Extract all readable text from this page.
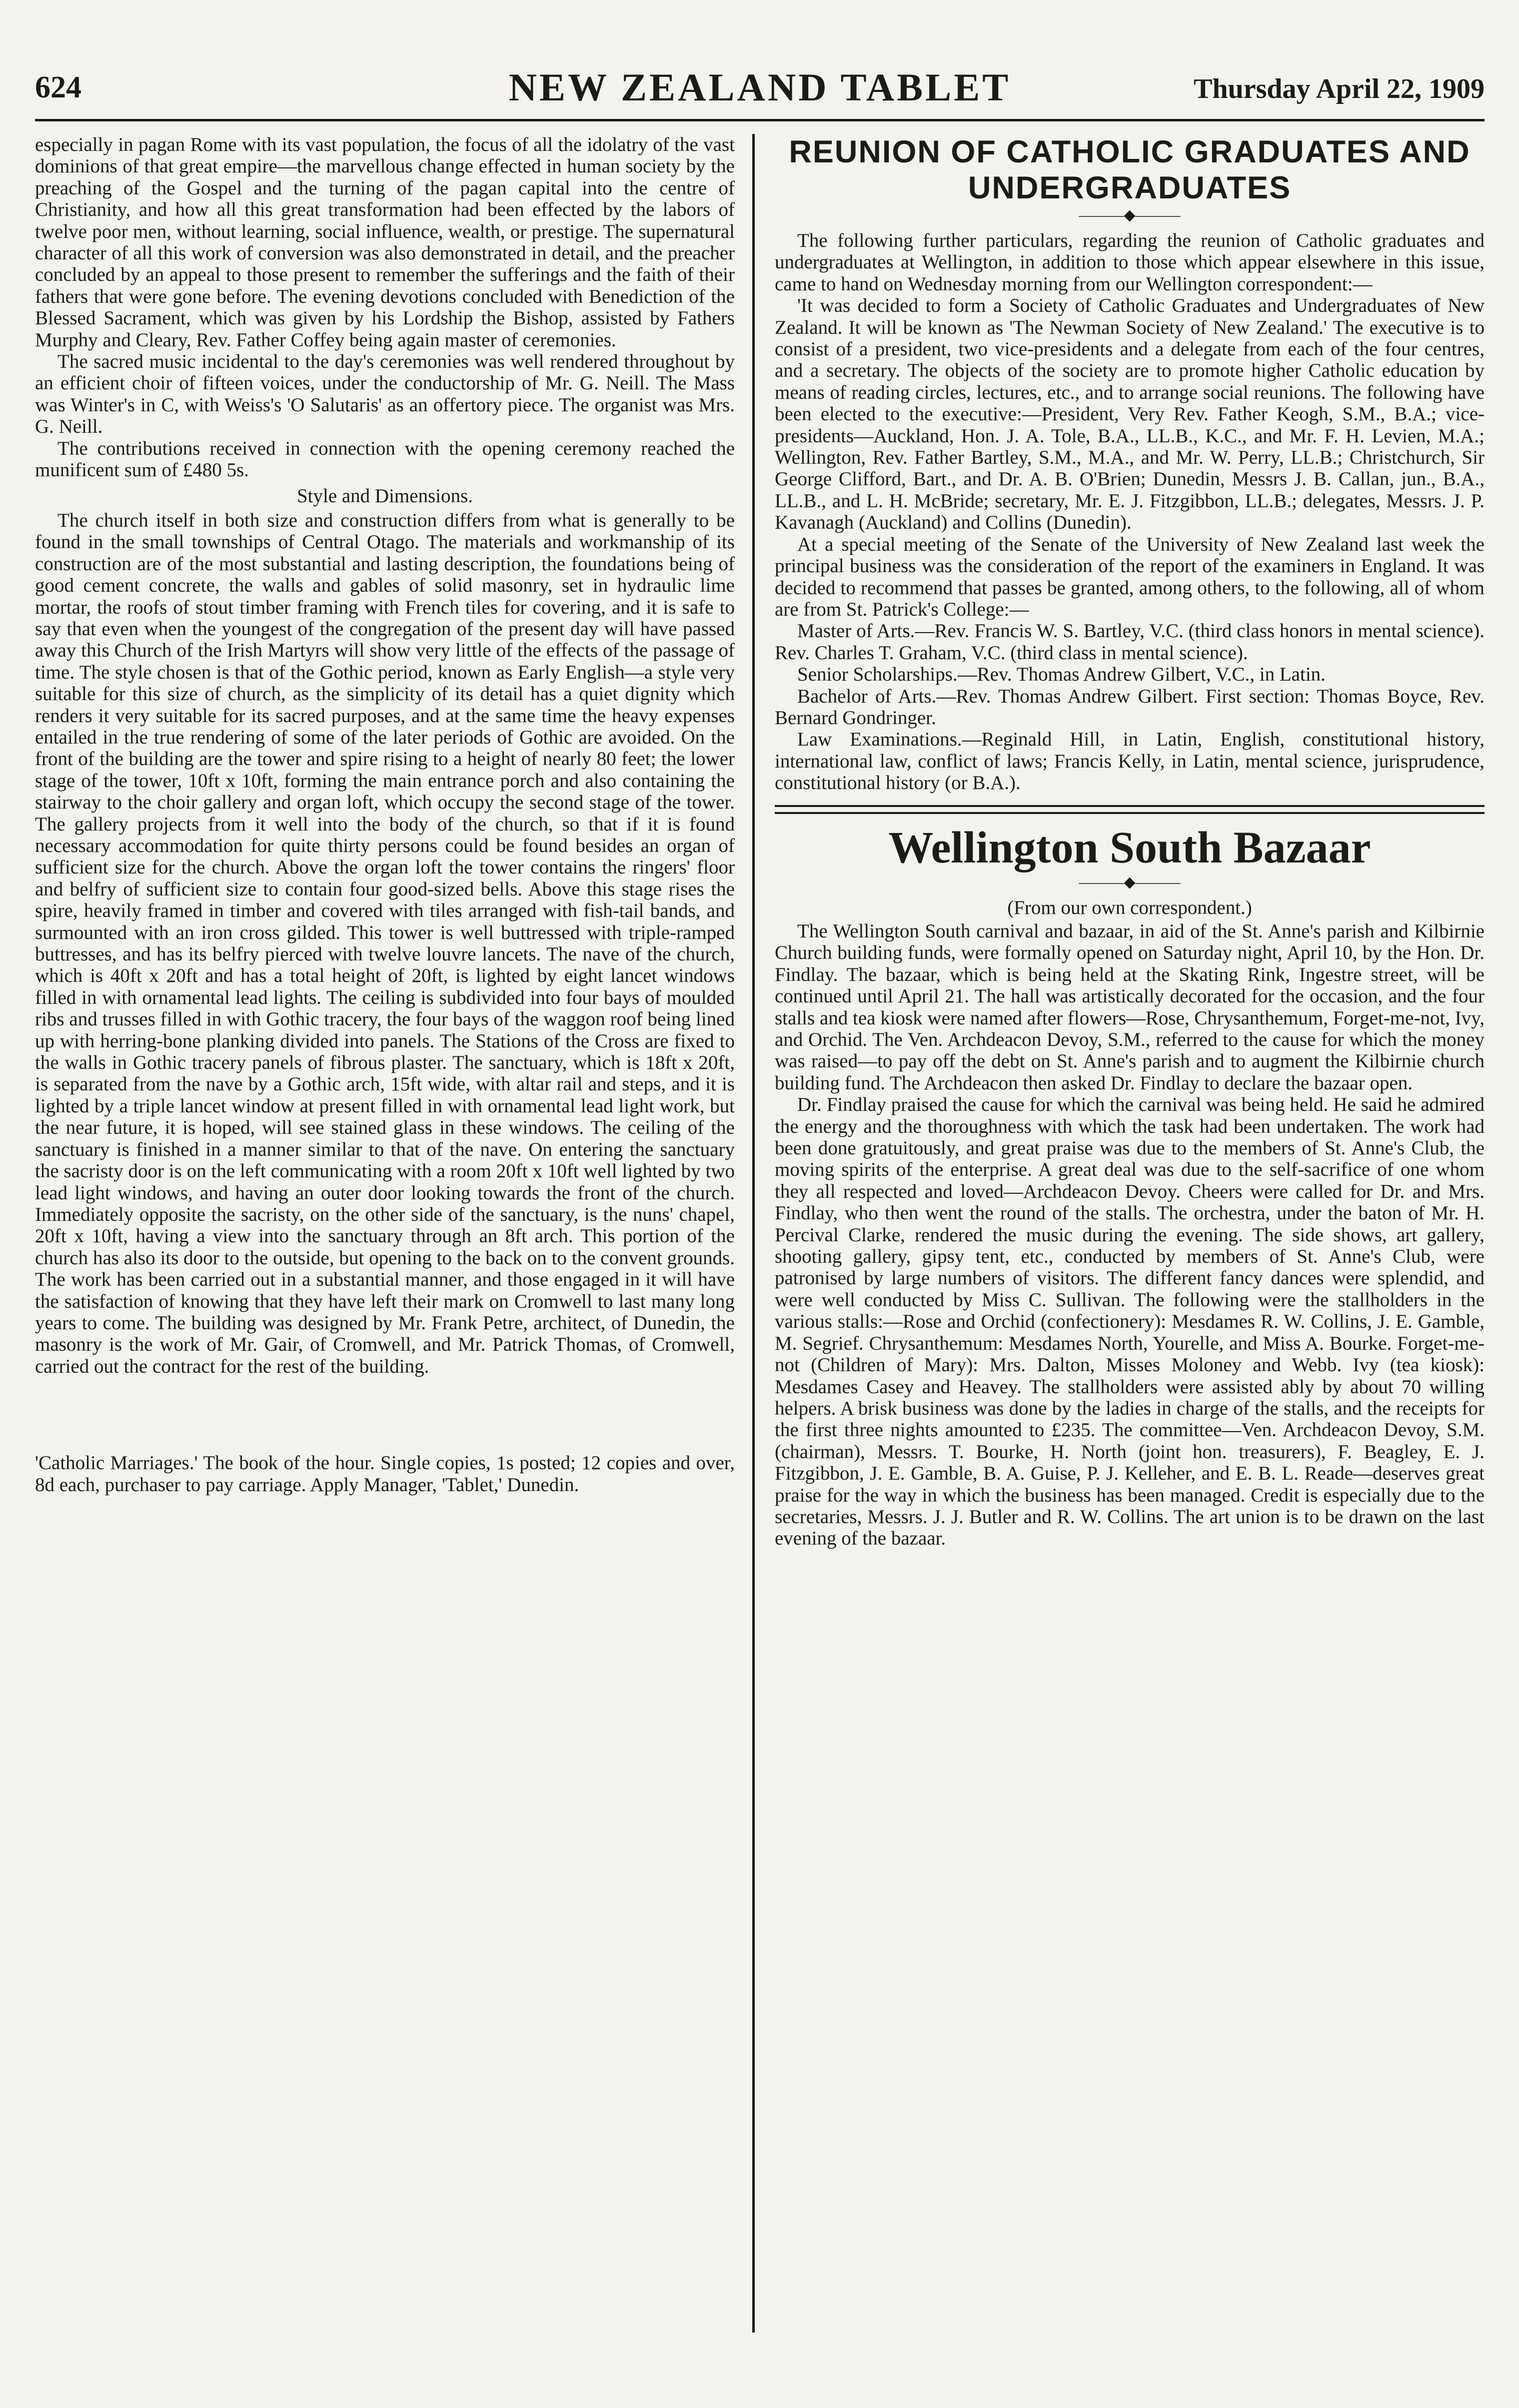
624	NEW ZEALAND TABLET	Thursday April 22, 1909

especially in pagan Rome with its vast population, the focus of all the idolatry of the vast dominions of that great empire—the marvellous change effected in human society by the preaching of the Gospel and the turning of the pagan capital into the centre of Christianity, and how all this great transformation had been effected by the labors of twelve poor men, without learning, social influence, wealth, or prestige. The supernatural character of all this work of conversion was also demonstrated in detail, and the preacher concluded by an appeal to those present to remember the sufferings and the faith of their fathers that were gone before. The evening devotions concluded with Benediction of the Blessed Sacrament, which was given by his Lordship the Bishop, assisted by Fathers Murphy and Cleary, Rev. Father Coffey being again master of ceremonies.

The sacred music incidental to the day's ceremonies was well rendered throughout by an efficient choir of fifteen voices, under the conductorship of Mr. G. Neill. The Mass was Winter's in C, with Weiss's 'O Salutaris' as an offertory piece. The organist was Mrs. G. Neill.

The contributions received in connection with the opening ceremony reached the munificent sum of £480 5s.

Style and Dimensions.

The church itself in both size and construction differs from what is generally to be found in the small townships of Central Otago. The materials and workmanship of its construction are of the most substantial and lasting description, the foundations being of good cement concrete, the walls and gables of solid masonry, set in hydraulic lime mortar, the roofs of stout timber framing with French tiles for covering, and it is safe to say that even when the youngest of the congregation of the present day will have passed away this Church of the Irish Martyrs will show very little of the effects of the passage of time. The style chosen is that of the Gothic period, known as Early English—a style very suitable for this size of church, as the simplicity of its detail has a quiet dignity which renders it very suitable for its sacred purposes, and at the same time the heavy expenses entailed in the true rendering of some of the later periods of Gothic are avoided. On the front of the building are the tower and spire rising to a height of nearly 80 feet; the lower stage of the tower, 10ft x 10ft, forming the main entrance porch and also containing the stairway to the choir gallery and organ loft, which occupy the second stage of the tower. The gallery projects from it well into the body of the church, so that if it is found necessary accommodation for quite thirty persons could be found besides an organ of sufficient size for the church. Above the organ loft the tower contains the ringers' floor and belfry of sufficient size to contain four good-sized bells. Above this stage rises the spire, heavily framed in timber and covered with tiles arranged with fish-tail bands, and surmounted with an iron cross gilded. This tower is well buttressed with triple-ramped buttresses, and has its belfry pierced with twelve louvre lancets. The nave of the church, which is 40ft x 20ft and has a total height of 20ft, is lighted by eight lancet windows filled in with ornamental lead lights. The ceiling is subdivided into four bays of moulded ribs and trusses filled in with Gothic tracery, the four bays of the waggon roof being lined up with herring-bone planking divided into panels. The Stations of the Cross are fixed to the walls in Gothic tracery panels of fibrous plaster. The sanctuary, which is 18ft x 20ft, is separated from the nave by a Gothic arch, 15ft wide, with altar rail and steps, and it is lighted by a triple lancet window at present filled in with ornamental lead light work, but the near future, it is hoped, will see stained glass in these windows. The ceiling of the sanctuary is finished in a manner similar to that of the nave. On entering the sanctuary the sacristy door is on the left communicating with a room 20ft x 10ft well lighted by two lead light windows, and having an outer door looking towards the front of the church. Immediately opposite the sacristy, on the other side of the sanctuary, is the nuns' chapel, 20ft x 10ft, having a view into the sanctuary through an 8ft arch. This portion of the church has also its door to the outside, but opening to the back on to the convent grounds. The work has been carried out in a substantial manner, and those engaged in it will have the satisfaction of knowing that they have left their mark on Cromwell to last many long years to come. The building was designed by Mr. Frank Petre, architect, of Dunedin, the masonry is the work of Mr. Gair, of Cromwell, and Mr. Patrick Thomas, of Cromwell, carried out the contract for the rest of the building.

'Catholic Marriages.' The book of the hour. Single copies, 1s posted; 12 copies and over, 8d each, purchaser to pay carriage. Apply Manager, 'Tablet,' Dunedin.

REUNION OF CATHOLIC GRADUATES AND UNDERGRADUATES
———◆———

The following further particulars, regarding the reunion of Catholic graduates and undergraduates at Wellington, in addition to those which appear elsewhere in this issue, came to hand on Wednesday morning from our Wellington correspondent:—

'It was decided to form a Society of Catholic Graduates and Undergraduates of New Zealand. It will be known as 'The Newman Society of New Zealand.' The executive is to consist of a president, two vice-presidents and a delegate from each of the four centres, and a secretary. The objects of the society are to promote higher Catholic education by means of reading circles, lectures, etc., and to arrange social reunions. The following have been elected to the executive:—President, Very Rev. Father Keogh, S.M., B.A.; vice-presidents—Auckland, Hon. J. A. Tole, B.A., LL.B., K.C., and Mr. F. H. Levien, M.A.; Wellington, Rev. Father Bartley, S.M., M.A., and Mr. W. Perry, LL.B.; Christchurch, Sir George Clifford, Bart., and Dr. A. B. O'Brien; Dunedin, Messrs J. B. Callan, jun., B.A., LL.B., and L. H. McBride; secretary, Mr. E. J. Fitzgibbon, LL.B.; delegates, Messrs. J. P. Kavanagh (Auckland) and Collins (Dunedin).

At a special meeting of the Senate of the University of New Zealand last week the principal business was the consideration of the report of the examiners in England. It was decided to recommend that passes be granted, among others, to the following, all of whom are from St. Patrick's College:—

Master of Arts.—Rev. Francis W. S. Bartley, V.C. (third class honors in mental science). Rev. Charles T. Graham, V.C. (third class in mental science).

Senior Scholarships.—Rev. Thomas Andrew Gilbert, V.C., in Latin.

Bachelor of Arts.—Rev. Thomas Andrew Gilbert. First section: Thomas Boyce, Rev. Bernard Gondringer.

Law Examinations.—Reginald Hill, in Latin, English, constitutional history, international law, conflict of laws; Francis Kelly, in Latin, mental science, jurisprudence, constitutional history (or B.A.).

Wellington South Bazaar
———◆———
(From our own correspondent.)

The Wellington South carnival and bazaar, in aid of the St. Anne's parish and Kilbirnie Church building funds, were formally opened on Saturday night, April 10, by the Hon. Dr. Findlay. The bazaar, which is being held at the Skating Rink, Ingestre street, will be continued until April 21. The hall was artistically decorated for the occasion, and the four stalls and tea kiosk were named after flowers—Rose, Chrysanthemum, Forget-me-not, Ivy, and Orchid. The Ven. Archdeacon Devoy, S.M., referred to the cause for which the money was raised—to pay off the debt on St. Anne's parish and to augment the Kilbirnie church building fund. The Archdeacon then asked Dr. Findlay to declare the bazaar open.

Dr. Findlay praised the cause for which the carnival was being held. He said he admired the energy and the thoroughness with which the task had been undertaken. The work had been done gratuitously, and great praise was due to the members of St. Anne's Club, the moving spirits of the enterprise. A great deal was due to the self-sacrifice of one whom they all respected and loved—Archdeacon Devoy. Cheers were called for Dr. and Mrs. Findlay, who then went the round of the stalls. The orchestra, under the baton of Mr. H. Percival Clarke, rendered the music during the evening. The side shows, art gallery, shooting gallery, gipsy tent, etc., conducted by members of St. Anne's Club, were patronised by large numbers of visitors. The different fancy dances were splendid, and were well conducted by Miss C. Sullivan. The following were the stallholders in the various stalls:—Rose and Orchid (confectionery): Mesdames R. W. Collins, J. E. Gamble, M. Segrief. Chrysanthemum: Mesdames North, Yourelle, and Miss A. Bourke. Forget-me-not (Children of Mary): Mrs. Dalton, Misses Moloney and Webb. Ivy (tea kiosk): Mesdames Casey and Heavey. The stallholders were assisted ably by about 70 willing helpers. A brisk business was done by the ladies in charge of the stalls, and the receipts for the first three nights amounted to £235. The committee—Ven. Archdeacon Devoy, S.M. (chairman), Messrs. T. Bourke, H. North (joint hon. treasurers), F. Beagley, E. J. Fitzgibbon, J. E. Gamble, B. A. Guise, P. J. Kelleher, and E. B. L. Reade—deserves great praise for the way in which the business has been managed. Credit is especially due to the secretaries, Messrs. J. J. Butler and R. W. Collins. The art union is to be drawn on the last evening of the bazaar.
